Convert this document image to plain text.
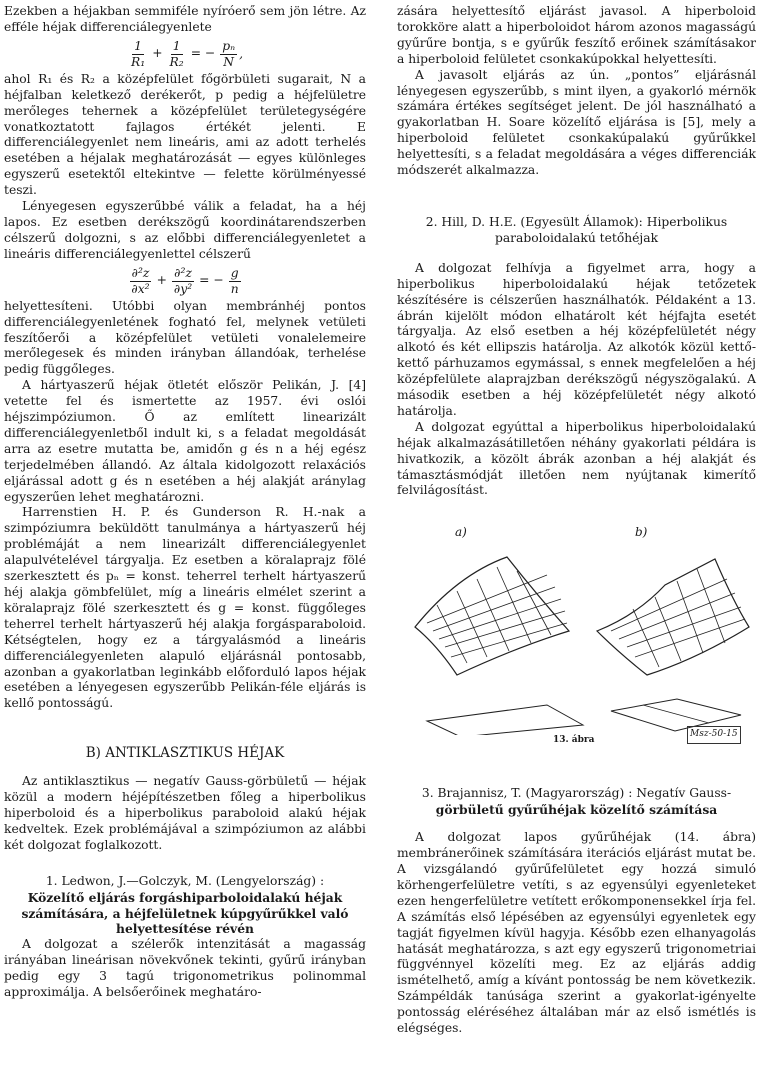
Ezekben a héjakban semmiféle nyíróerő sem jön létre. Az efféle héjak differenciálegyenlete

$\frac{1}{\text{R₁}} + \frac{1}{\text{R₂}}$ = − $\frac{\text{pₙ}}{N}$ ,

ahol R₁ és R₂ a középfelület főgörbületi sugarait, N a héjfalban keletkező derékerőt, p pedig a héjfelületre merőleges tehernek a középfelület területegységére vonatkoztatott fajlagos értékét jelenti. E differenciálegyenlet nem lineáris, ami az adott terhelés esetében a héjalak meghatározását — egyes különleges egyszerű esetektől eltekintve — felette körülményessé teszi.

Lényegesen egyszerűbbé válik a feladat, ha a héj lapos. Ez esetben derékszögű koordinátarendszerben célszerű dolgozni, s az előbbi differenciálegyenletet a lineáris differenciálegyenlettel célszerű

$\frac{\text{∂²z}}{\text{∂x²}} + \frac{\text{∂²z}}{\text{∂y²}}$ = − $\frac{g}{n}$

helyettesíteni. Utóbbi olyan membránhéj pontos differenciálegyenletének fogható fel, melynek vetületi feszítőerői a középfelület vetületi vonalelemeire merőlegesek és minden irányban állandóak, terhelése pedig függőleges.

A hártyaszerű héjak ötletét először Pelikán, J. [4] vetette fel és ismertette az 1957. évi oslói héjszimpóziumon. Ő az említett linearizált differenciálegyenletből indult ki, s a feladat megoldását arra az esetre mutatta be, amidőn g és n a héj egész terjedelmében állandó. Az általa kidolgozott relaxációs eljárással adott g és n esetében a héj alakját aránylag egyszerűen lehet meghatározni.

Harrenstien H. P. és Gunderson R. H.-nak a szimpóziumra beküldött tanulmánya a hártyaszerű héj problémáját a nem linearizált differenciálegyenlet alapulvételével tárgyalja. Ez esetben a köralaprajz fölé szerkesztett és pₙ = konst. teherrel terhelt hártyaszerű héj alakja gömbfelület, míg a lineáris elmélet szerint a köralaprajz fölé szerkesztett és g = konst. függőleges teherrel terhelt hártyaszerű héj alakja forgásparaboloid. Kétségtelen, hogy ez a tárgyalásmód a lineáris differenciálegyenleten alapuló eljárásnál pontosabb, azonban a gyakorlatban leginkább előforduló lapos héjak esetében a lényegesen egyszerűbb Pelikán-féle eljárás is kellő pontosságú.

B) ANTIKLASZTIKUS HÉJAK

Az antiklasztikus — negatív Gauss-görbületű — héjak közül a modern héjépítészetben főleg a hiperbolikus hiperboloid és a hiperbolikus paraboloid alakú héjak kedveltek. Ezek problémájával a szimpóziumon az alábbi két dolgozat foglalkozott.

1. Ledwon, J.—Golczyk, M. (Lengyelország) :
Közelítő eljárás forgáshiparboloidalakú héjak számítására, a héjfelületnek kúpgyűrűkkel való helyettesítése révén

A dolgozat a szélerők intenzitását a magasság irányában lineárisan növekvőnek tekinti, gyűrű irányban pedig egy 3 tagú trigonometrikus polinommal approximálja. A belsőerőinek meghatáro-

zására helyettesítő eljárást javasol. A hiperboloid torokköre alatt a hiperboloidot három azonos magasságú gyűrűre bontja, s e gyűrűk feszítő erőinek számításakor a hiperboloid felületet csonkakúpokkal helyettesíti.

A javasolt eljárás az ún. „pontos” eljárásnál lényegesen egyszerűbb, s mint ilyen, a gyakorló mérnök számára értékes segítséget jelent. De jól használható a gyakorlatban H. Soare közelítő eljárása is [5], mely a hiperboloid felületet csonkakúpalakú gyűrűkkel helyettesíti, s a feladat megoldására a véges differenciák módszerét alkalmazza.

2. Hill, D. H.E. (Egyesült Államok): Hiperbolikus paraboloidalakú tetőhéjak

A dolgozat felhívja a figyelmet arra, hogy a hiperbolikus hiperboloidalakú héjak tetőzetek készítésére is célszerűen használhatók. Példaként a 13. ábrán kijelölt módon elhatárolt két héjfajta esetét tárgyalja. Az első esetben a héj középfelületét négy alkotó és két ellipszis határolja. Az alkotók közül kettő-kettő párhuzamos egymással, s ennek megfelelően a héj középfelülete alaprajzban derékszögű négyszögalakú. A második esetben a héj középfelületét négy alkotó határolja.

A dolgozat egyúttal a hiperbolikus hiperboloidalakú héjak alkalmazásátilletően néhány gyakorlati példára is hivatkozik, a közölt ábrák azonban a héj alakját és támasztásmódját illetően nem nyújtanak kimerítő felvilágosítást.

a)	b)
Msz-50-15
13. ábra
3. Brajannisz, T. (Magyarország) : Negatív Gauss-
görbületű gyűrűhéjak közelítő számítása

A dolgozat lapos gyűrűhéjak (14. ábra) membránerőinek számítására iterációs eljárást mutat be. A vizsgálandó gyűrűfelületet egy hozzá simuló körhengerfelületre vetíti, s az egyensúlyi egyenleteket ezen hengerfelületre vetített erőkomponensekkel írja fel. A számítás első lépésében az egyensúlyi egyenletek egy tagját figyelmen kívül hagyja. Később ezen elhanyagolás hatását meghatározza, s azt egy egyszerű trigonometriai függvénnyel közelíti meg. Ez az eljárás addig ismételhető, amíg a kívánt pontosság be nem következik. Számpéldák tanúsága szerint a gyakorlat-igényelte pontosság eléréséhez általában már az első ismétlés is elégséges.
